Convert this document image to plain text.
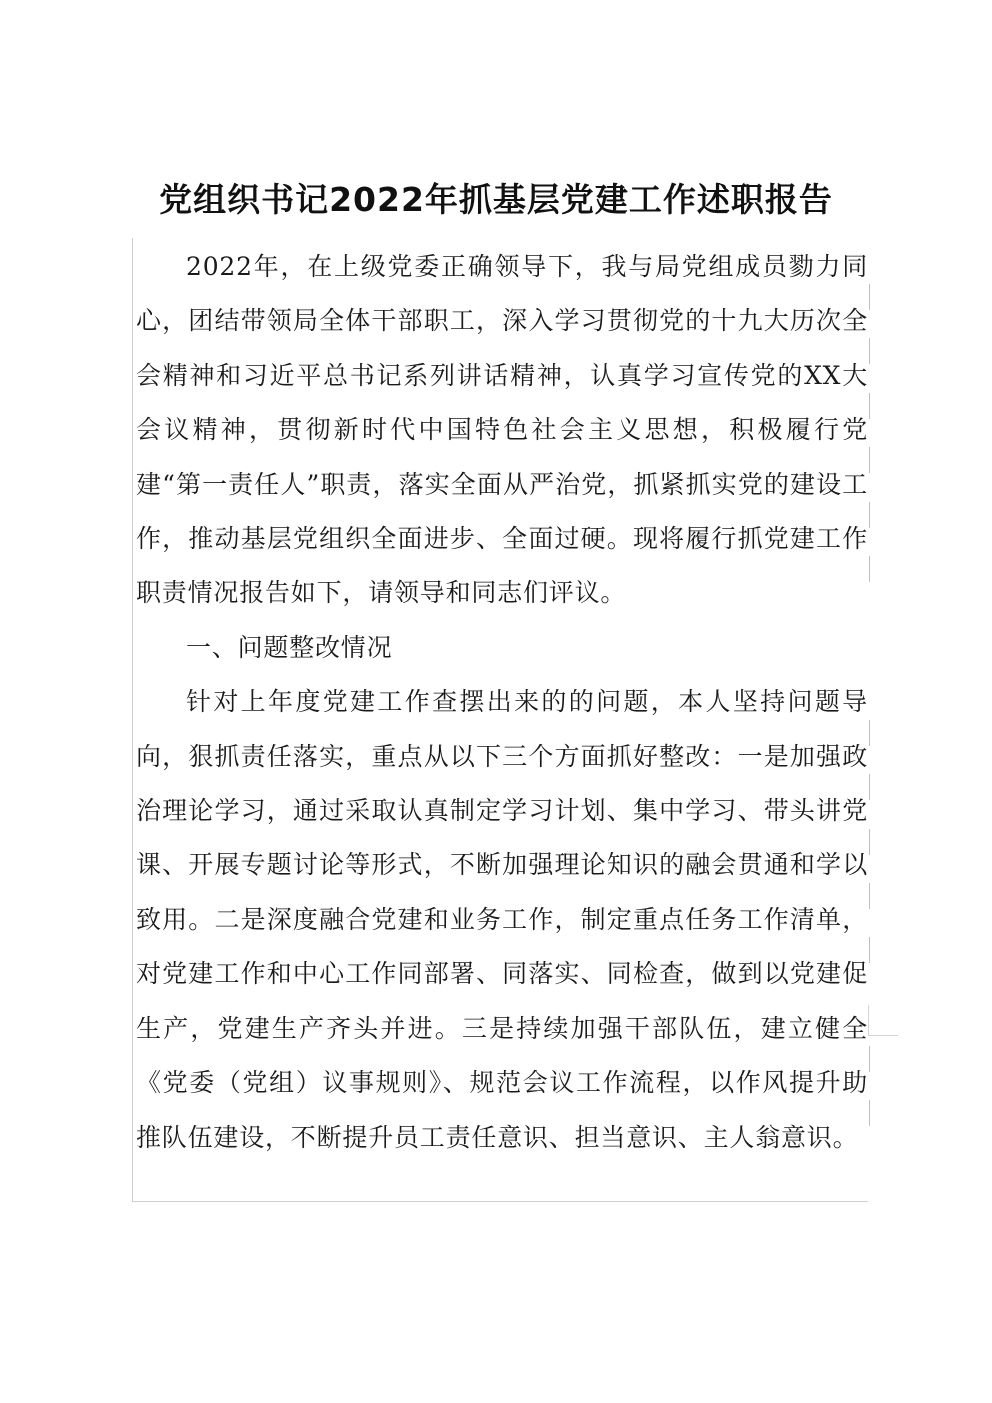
党组织书记2022年抓基层党建工作述职报告

2022年，在上级党委正确领导下，我与局党组成员勠力同心，团结带领局全体干部职工，深入学习贯彻党的十九大历次全会精神和习近平总书记系列讲话精神，认真学习宣传党的XX大会议精神，贯彻新时代中国特色社会主义思想，积极履行党建“第一责任人”职责，落实全面从严治党，抓紧抓实党的建设工作，推动基层党组织全面进步、全面过硬。现将履行抓党建工作职责情况报告如下，请领导和同志们评议。

一、问题整改情况

针对上年度党建工作查摆出来的的问题，本人坚持问题导向，狠抓责任落实，重点从以下三个方面抓好整改：一是加强政治理论学习，通过采取认真制定学习计划、集中学习、带头讲党课、开展专题讨论等形式，不断加强理论知识的融会贯通和学以致用。二是深度融合党建和业务工作，制定重点任务工作清单，对党建工作和中心工作同部署、同落实、同检查，做到以党建促生产，党建生产齐头并进。三是持续加强干部队伍，建立健全《党委（党组）议事规则》、规范会议工作流程，以作风提升助推队伍建设，不断提升员工责任意识、担当意识、主人翁意识。
